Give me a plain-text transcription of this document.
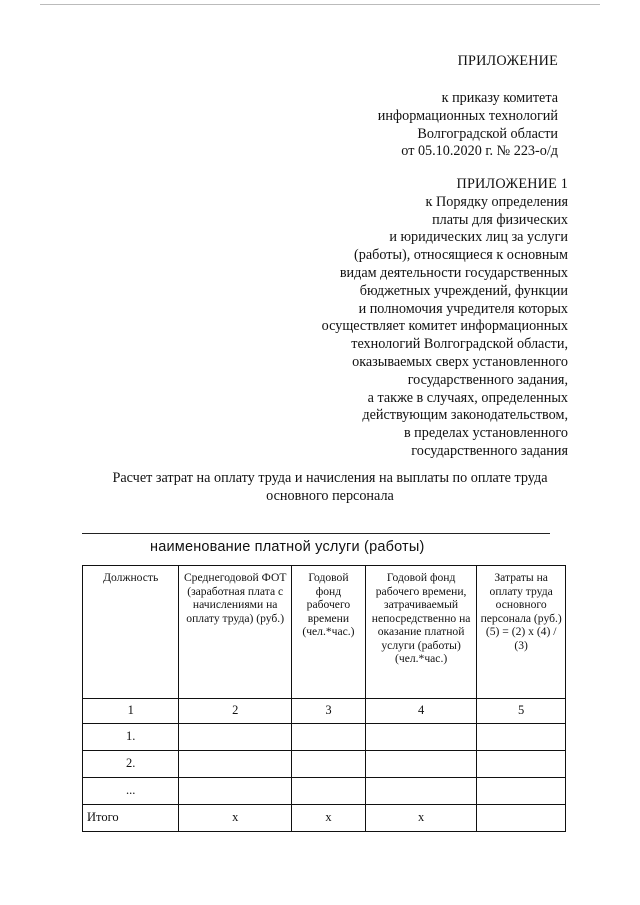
ПРИЛОЖЕНИЕ
к приказу комитета
информационных технологий
Волгоградской области
от 05.10.2020 г. № 223-о/д
ПРИЛОЖЕНИЕ 1
к Порядку определения
платы для физических
и юридических лиц за услуги
(работы), относящиеся к основным
видам деятельности государственных
бюджетных учреждений, функции
и полномочия учредителя которых
осуществляет комитет информационных
технологий Волгоградской области,
оказываемых сверх установленного
государственного задания,
а также в случаях, определенных
действующим законодательством,
в пределах установленного
государственного задания
Расчет затрат на оплату труда и начисления на выплаты по оплате труда
основного персонала
наименование платной услуги (работы)
Должность	Среднегодовой ФОТ (заработная плата с начислениями на оплату труда) (руб.)	Годовой фонд рабочего времени (чел.*час.)	Годовой фонд рабочего времени, затрачиваемый непосредственно на оказание платной услуги (работы) (чел.*час.)	Затраты на оплату труда основного персонала (руб.) (5) = (2) х (4) / (3)
1	2	3	4	5
1.				
2.				
...				
Итого	x	x	x	
